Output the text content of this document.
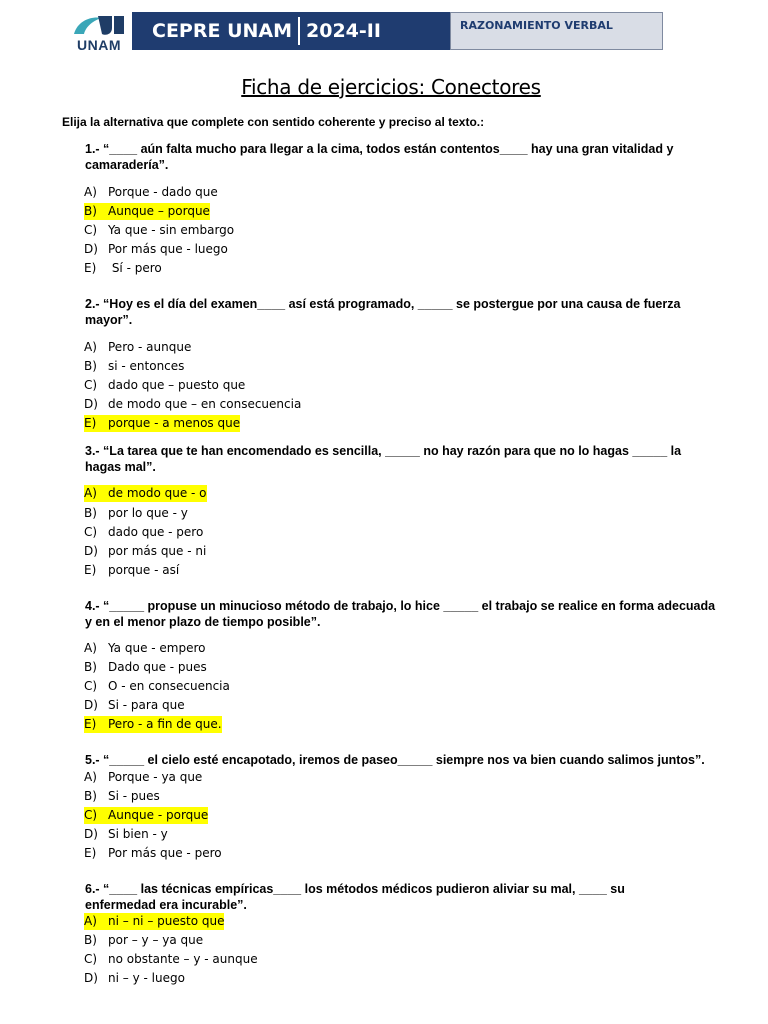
UNAM
CEPRE UNAM 2024-II	RAZONAMIENTO VERBAL
Ficha de ejercicios: Conectores
Elija la alternativa que complete con sentido coherente y preciso al texto.:
1.- “____ aún falta mucho para llegar a la cima, todos están contentos____ hay una gran vitalidad y camaradería”.
A) Porque - dado que
B) Aunque – porque
C) Ya que - sin embargo
D) Por más que - luego
E) Sí - pero
2.- “Hoy es el día del examen____ así está programado, _____ se postergue por una causa de fuerza mayor”.
A) Pero - aunque
B) si - entonces
C) dado que – puesto que
D) de modo que – en consecuencia
E) porque - a menos que
3.- “La tarea que te han encomendado es sencilla, _____ no hay razón para que no lo hagas _____ la hagas mal”.
A) de modo que - o
B) por lo que - y
C) dado que - pero
D) por más que - ni
E) porque - así
4.- “_____ propuse un minucioso método de trabajo, lo hice _____ el trabajo se realice en forma adecuada y en el menor plazo de tiempo posible”.
A) Ya que - empero
B) Dado que - pues
C) O - en consecuencia
D) Si - para que
E) Pero - a fin de que.
5.- “_____ el cielo esté encapotado, iremos de paseo_____ siempre nos va bien cuando salimos juntos”.
A) Porque - ya que
B) Si - pues
C) Aunque - porque
D) Si bien - y
E) Por más que - pero
6.- “____ las técnicas empíricas____ los métodos médicos pudieron aliviar su mal, ____ su enfermedad era incurable”.
A) ni – ni – puesto que
B) por – y – ya que
C) no obstante – y - aunque
D) ni – y - luego
